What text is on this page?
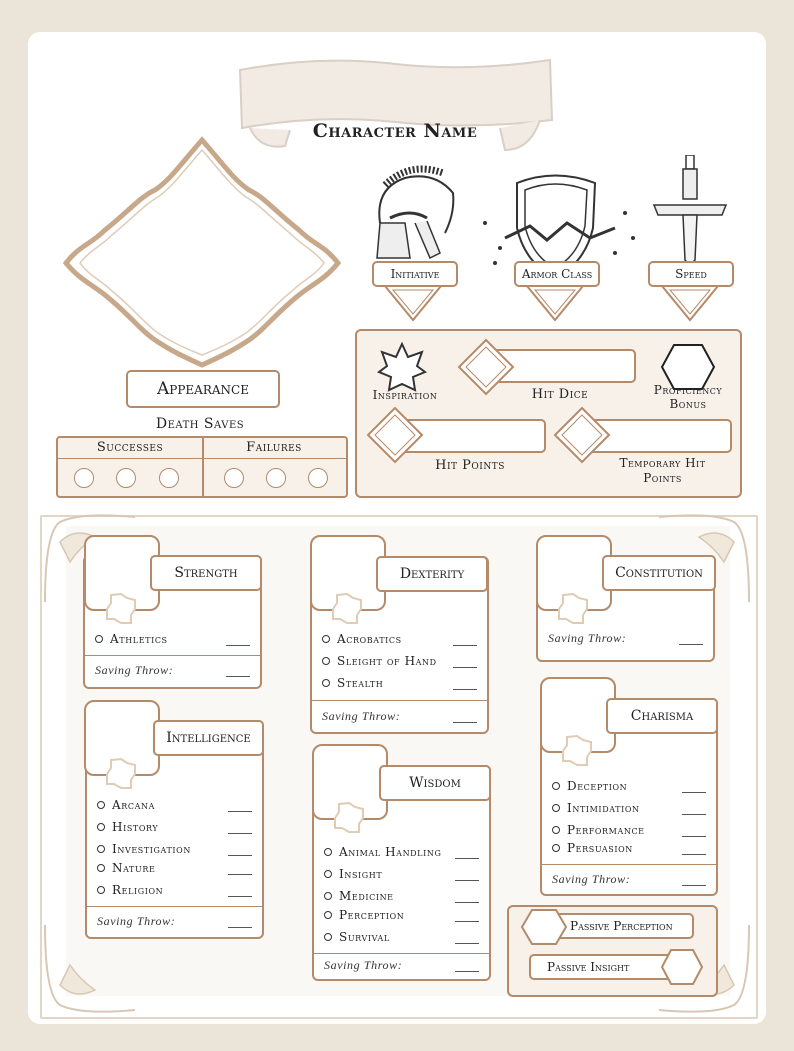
Character Name
Appearance
Death Saves
Successes	Failures
Initiative	Armor Class	Speed
Inspiration	Hit Dice	Proficiency
Bonus
Hit Points	Temporary Hit
Points
Athletics
Saving Throw:
Strength
Acrobatics
Sleight of Hand
Stealth
Saving Throw:
Dexterity
Saving Throw:
Constitution
Arcana
History
Investigation
Nature
Religion
Saving Throw:
Intelligence
Animal Handling
Insight
Medicine
Perception
Survival
Saving Throw:
Wisdom	Deception
Intimidation
Performance
Persuasion
Saving Throw:
Charisma
Passive Perception
Passive Insight
